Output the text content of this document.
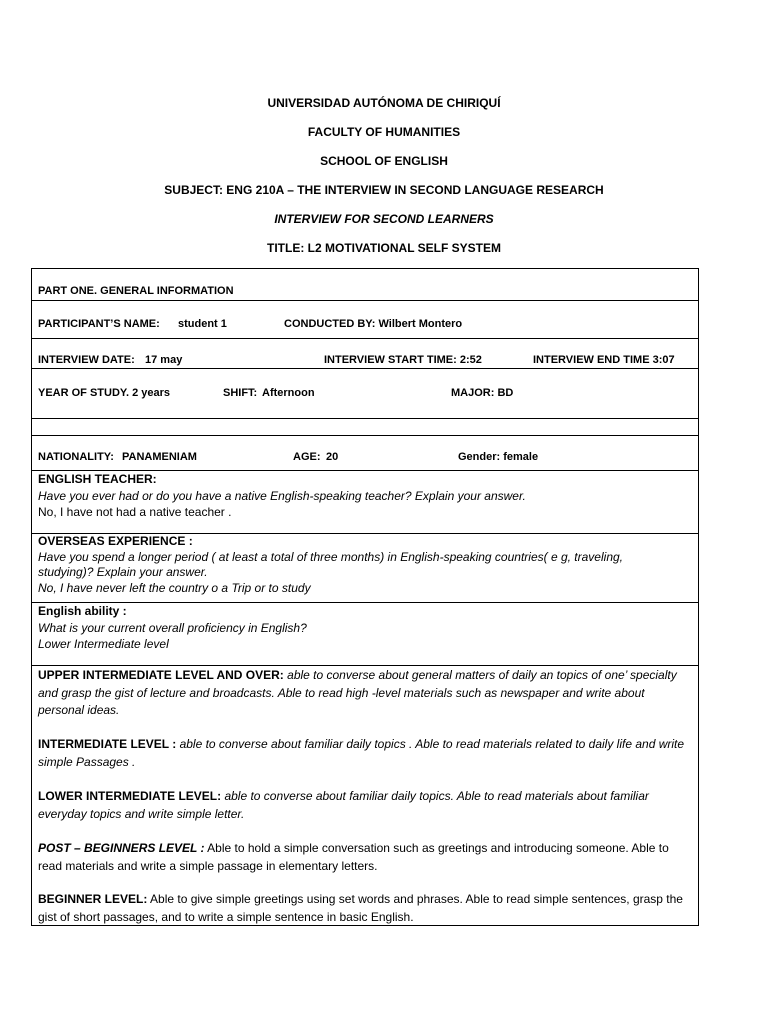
UNIVERSIDAD AUTÓNOMA DE CHIRIQUÍ
FACULTY OF HUMANITIES
SCHOOL OF ENGLISH
SUBJECT: ENG 210A – THE INTERVIEW IN SECOND LANGUAGE RESEARCH
INTERVIEW FOR SECOND LEARNERS
TITLE: L2 MOTIVATIONAL SELF SYSTEM
PART ONE. GENERAL INFORMATION
PARTICIPANT’S NAME: student 1	CONDUCTED BY: Wilbert Montero
INTERVIEW DATE: 17 may	INTERVIEW START TIME: 2:52	INTERVIEW END TIME 3:07
YEAR OF STUDY. 2 years	SHIFT: Afternoon	MAJOR: BD
NATIONALITY: PANAMENIAM	AGE: 20	Gender: female
ENGLISH TEACHER:
Have you ever had or do you have a native English-speaking teacher? Explain your answer.
No, I have not had a native teacher .
OVERSEAS EXPERIENCE :
Have you spend a longer period ( at least a total of three months) in English-speaking countries( e g, traveling,
studying)? Explain your answer.
No, I have never left the country o a Trip or to study
English ability :
What is your current overall proficiency in English?
Lower Intermediate level
UPPER INTERMEDIATE LEVEL AND OVER: able to converse about general matters of daily an topics of one’ specialty and grasp the gist of lecture and broadcasts. Able to read high -level materials such as newspaper and write about personal ideas.
INTERMEDIATE LEVEL : able to converse about familiar daily topics . Able to read materials related to daily life and write simple Passages .
LOWER INTERMEDIATE LEVEL: able to converse about familiar daily topics. Able to read materials about familiar everyday topics and write simple letter.
POST – BEGINNERS LEVEL : Able to hold a simple conversation such as greetings and introducing someone. Able to read materials and write a simple passage in elementary letters.
BEGINNER LEVEL: Able to give simple greetings using set words and phrases. Able to read simple sentences, grasp the gist of short passages, and to write a simple sentence in basic English.
